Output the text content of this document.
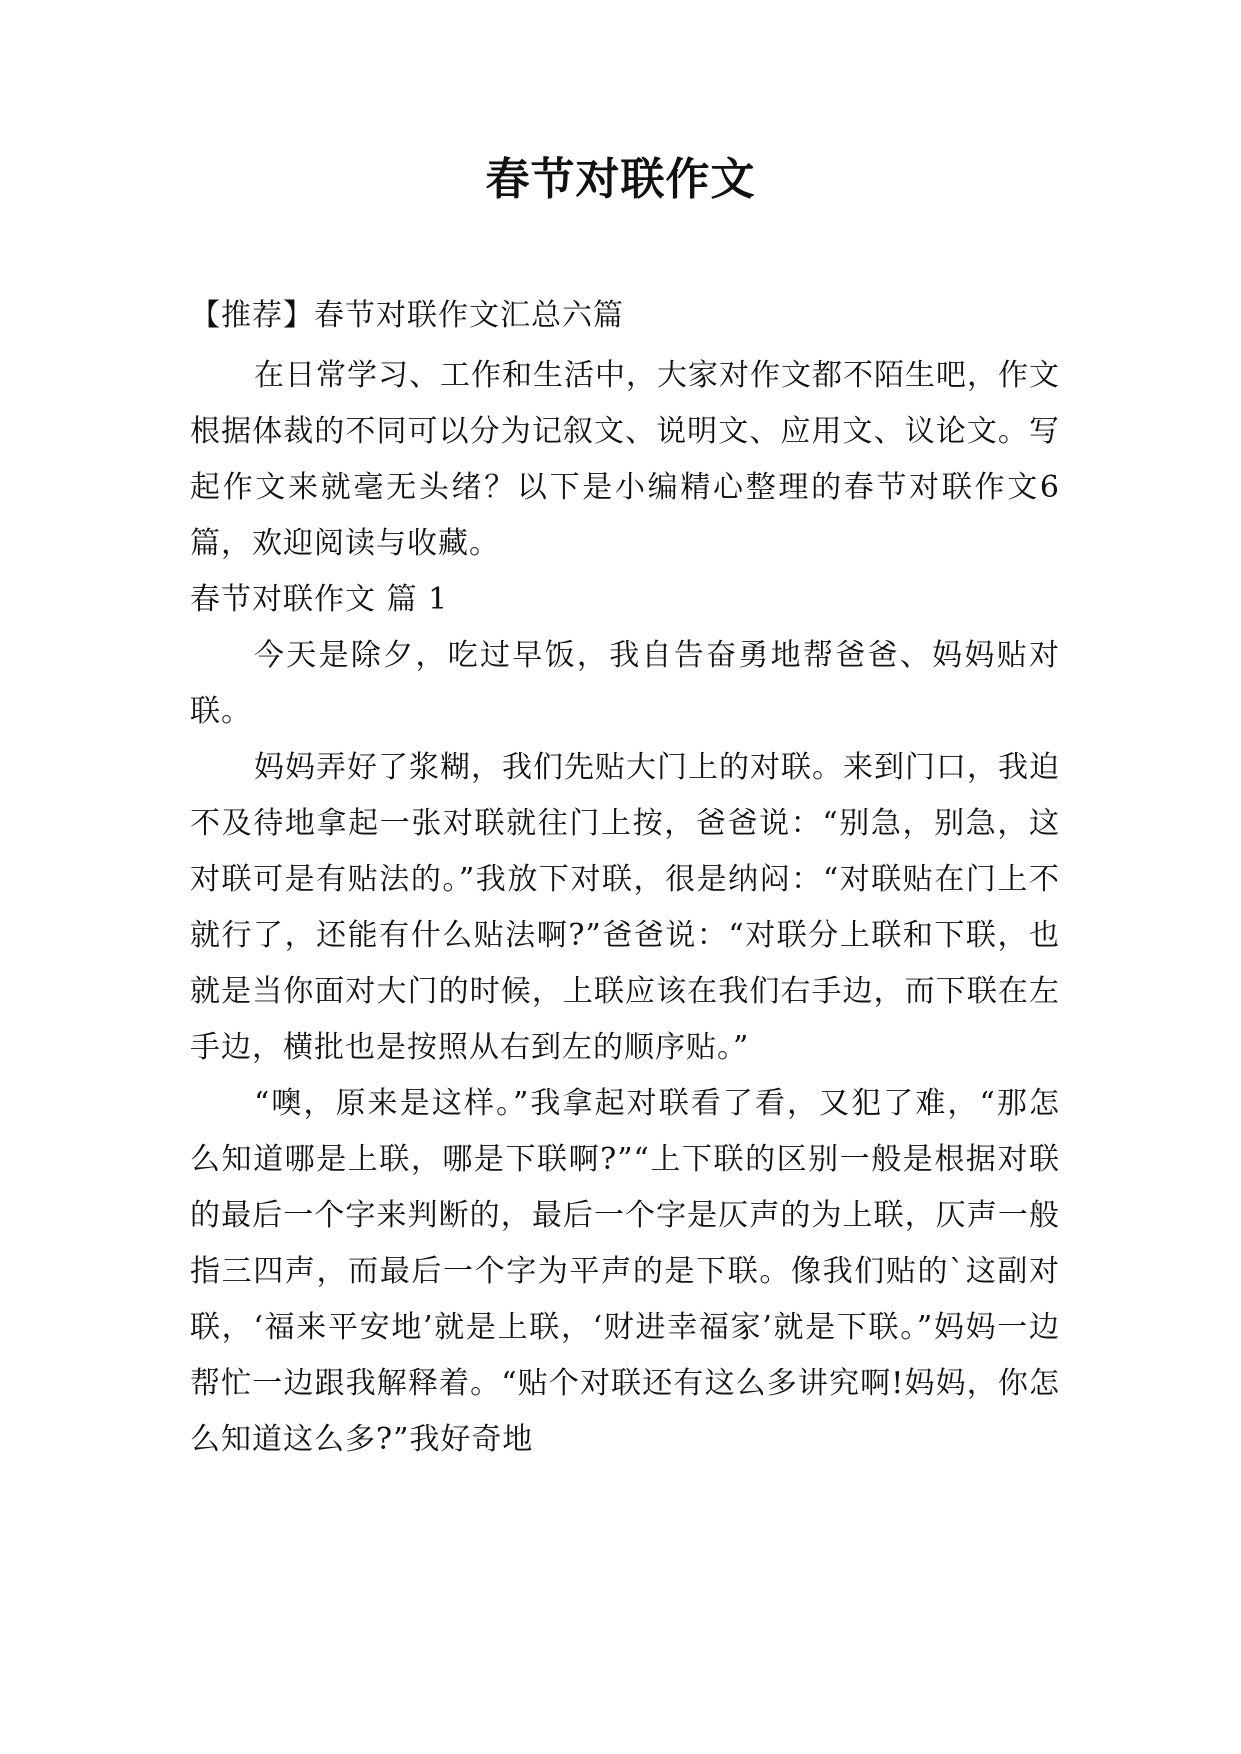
春节对联作文

【推荐】春节对联作文汇总六篇

在日常学习、工作和生活中，大家对作文都不陌生吧，作文根据体裁的不同可以分为记叙文、说明文、应用文、议论文。写起作文来就毫无头绪？以下是小编精心整理的春节对联作文6篇，欢迎阅读与收藏。

春节对联作文 篇 1

今天是除夕，吃过早饭，我自告奋勇地帮爸爸、妈妈贴对联。

妈妈弄好了浆糊，我们先贴大门上的对联。来到门口，我迫不及待地拿起一张对联就往门上按，爸爸说：“别急，别急，这对联可是有贴法的。”我放下对联，很是纳闷：“对联贴在门上不就行了，还能有什么贴法啊?”爸爸说：“对联分上联和下联，也就是当你面对大门的时候，上联应该在我们右手边，而下联在左手边，横批也是按照从右到左的顺序贴。”

“噢，原来是这样。”我拿起对联看了看，又犯了难，“那怎么知道哪是上联，哪是下联啊?”“上下联的区别一般是根据对联的最后一个字来判断的，最后一个字是仄声的为上联，仄声一般指三四声，而最后一个字为平声的是下联。像我们贴的`这副对联，‘福来平安地’就是上联，‘财进幸福家’就是下联。”妈妈一边帮忙一边跟我解释着。“贴个对联还有这么多讲究啊!妈妈，你怎么知道这么多?”我好奇地
